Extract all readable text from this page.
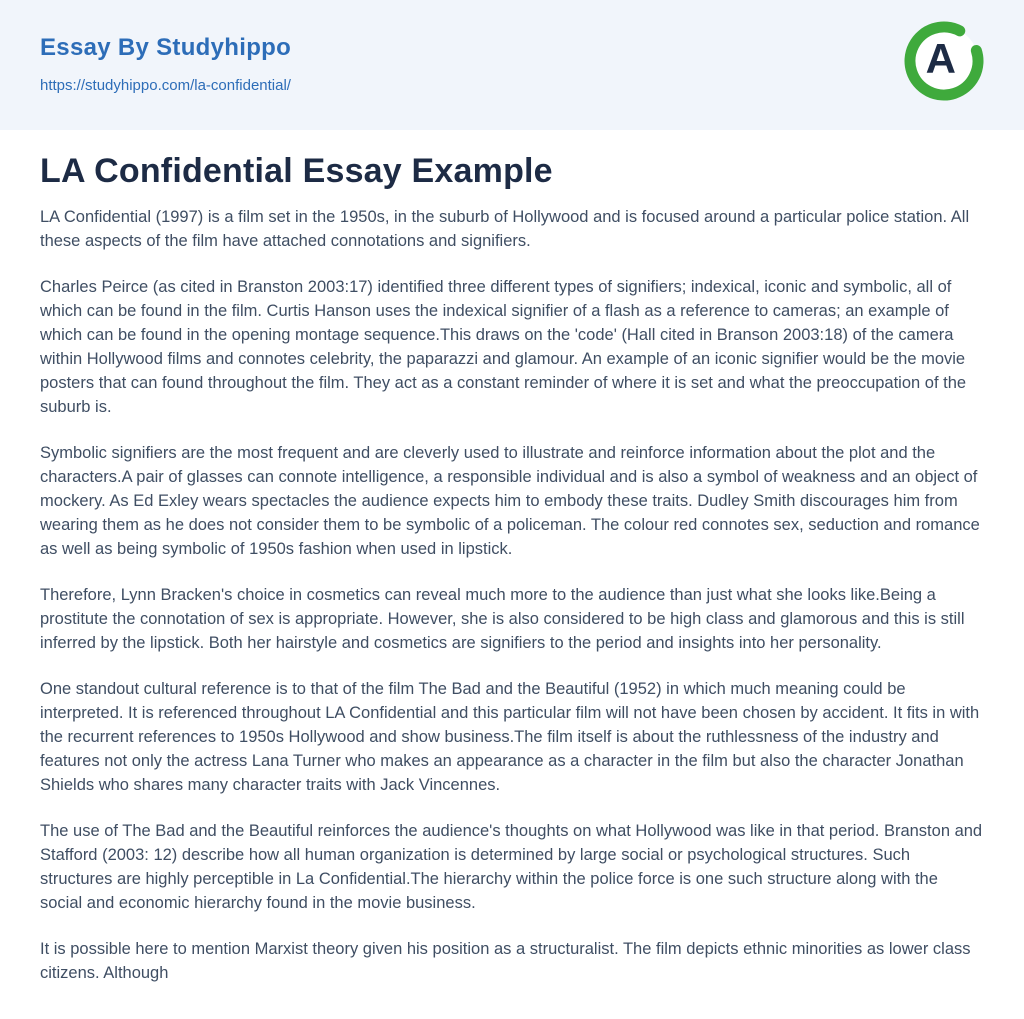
Essay By Studyhippo
https://studyhippo.com/la-confidential/
A
LA Confidential Essay Example

LA Confidential (1997) is a film set in the 1950s, in the suburb of Hollywood and is focused around a particular police station. All these aspects of the film have attached connotations and signifiers.

Charles Peirce (as cited in Branston 2003:17) identified three different types of signifiers; indexical, iconic and symbolic, all of which can be found in the film. Curtis Hanson uses the indexical signifier of a flash as a reference to cameras; an example of which can be found in the opening montage sequence.This draws on the 'code' (Hall cited in Branson 2003:18) of the camera within Hollywood films and connotes celebrity, the paparazzi and glamour. An example of an iconic signifier would be the movie posters that can found throughout the film. They act as a constant reminder of where it is set and what the preoccupation of the suburb is.

Symbolic signifiers are the most frequent and are cleverly used to illustrate and reinforce information about the plot and the characters.A pair of glasses can connote intelligence, a responsible individual and is also a symbol of weakness and an object of mockery. As Ed Exley wears spectacles the audience expects him to embody these traits. Dudley Smith discourages him from wearing them as he does not consider them to be symbolic of a policeman. The colour red connotes sex, seduction and romance as well as being symbolic of 1950s fashion when used in lipstick.

Therefore, Lynn Bracken's choice in cosmetics can reveal much more to the audience than just what she looks like.Being a prostitute the connotation of sex is appropriate. However, she is also considered to be high class and glamorous and this is still inferred by the lipstick. Both her hairstyle and cosmetics are signifiers to the period and insights into her personality.

One standout cultural reference is to that of the film The Bad and the Beautiful (1952) in which much meaning could be interpreted. It is referenced throughout LA Confidential and this particular film will not have been chosen by accident. It fits in with the recurrent references to 1950s Hollywood and show business.The film itself is about the ruthlessness of the industry and features not only the actress Lana Turner who makes an appearance as a character in the film but also the character Jonathan Shields who shares many character traits with Jack Vincennes.

The use of The Bad and the Beautiful reinforces the audience's thoughts on what Hollywood was like in that period. Branston and Stafford (2003: 12) describe how all human organization is determined by large social or psychological structures. Such structures are highly perceptible in La Confidential.The hierarchy within the police force is one such structure along with the social and economic hierarchy found in the movie business.

It is possible here to mention Marxist theory given his position as a structuralist. The film depicts ethnic minorities as lower class citizens. Although
